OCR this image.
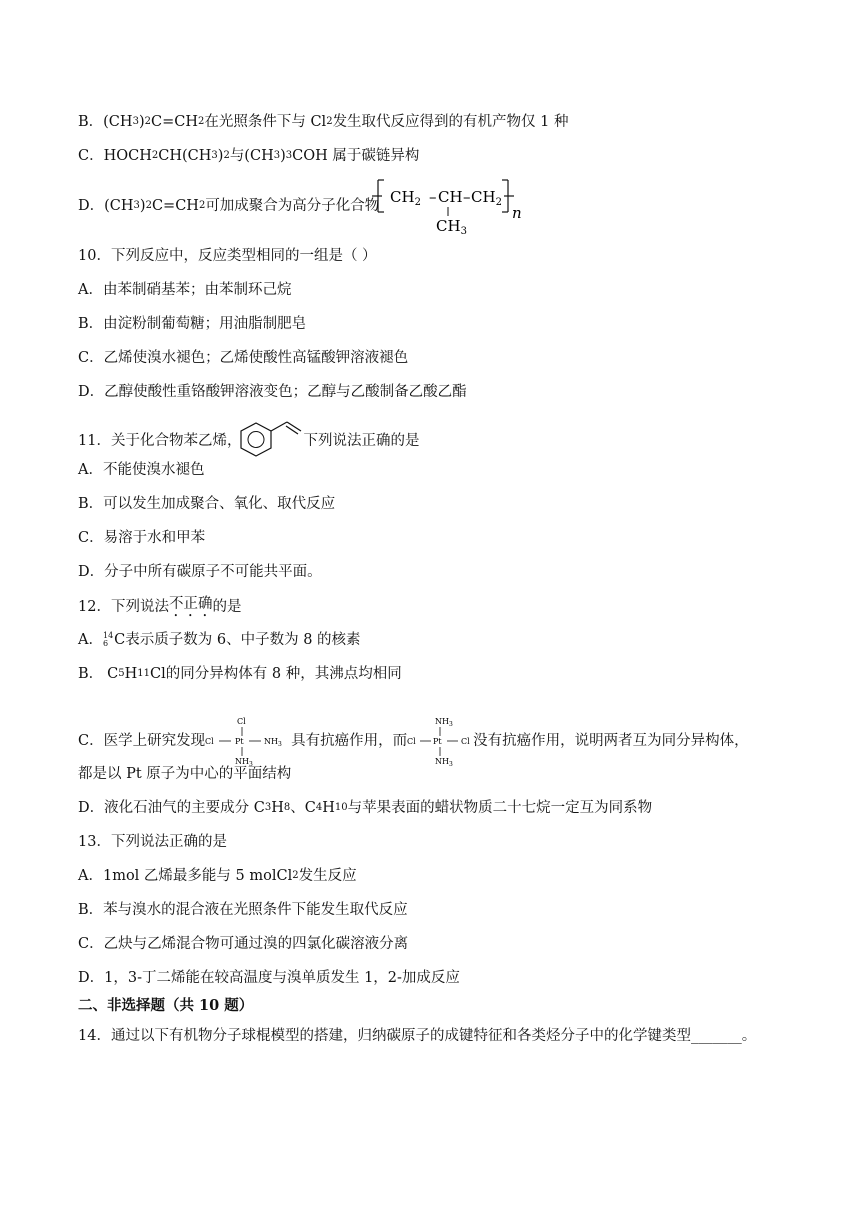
B．(CH 3 ) 2 C=CH 2 在光照条件下与 Cl 2 发生取代反应得到的有机产物仅 1 种
C．HOCH 2 CH(CH 3 ) 2 与(CH 3 ) 3 COH 属于碳链异构
D．(CH 3 ) 2 C=CH 2 可加成聚合为高分子化合物 $CH_2$ – CH – $CH_2$
$CH_3$
n
10．下列反应中，反应类型相同的一组是（ ）
A．由苯制硝基苯；由苯制环己烷
B．由淀粉制葡萄糖；用油脂制肥皂
C．乙烯使溴水褪色；乙烯使酸性高锰酸钾溶液褪色
D．乙醇使酸性重铬酸钾溶液变色；乙醇与乙酸制备乙酸乙酯
11．关于化合物苯乙烯，	下列说法正确的是
A．不能使溴水褪色
B．可以发生加成聚合、氧化、取代反应
C．易溶于水和甲苯
D．分子中所有碳原子不可能共平面。
12．下列说法 不正确 的是
A． 14
6 C表示质子数为 6、中子数为 8 的核素
B． C 5 H 11 Cl 的同分异构体有 8 种，其沸点均相同
C．医学上研究发现
Cl
Cl	Pt	$NH_3$
$NH_3$
具有抗癌作用，而
$NH_3$
Cl Pt Cl
$NH_3$
没有抗癌作用，说明两者互为同分异构体，
都是以 Pt 原子为中心的平面结构
D．液化石油气的主要成分 C 3 H 8 、C 4 H 10 与苹果表面的蜡状物质二十七烷一定互为同系物
13．下列说法正确的是
A．1mol 乙烯最多能与 5 molCl 2 发生反应
B．苯与溴水的混合液在光照条件下能发生取代反应
C．乙炔与乙烯混合物可通过溴的四氯化碳溶液分离
D．1，3-丁二烯能在较高温度与溴单质发生 1，2-加成反应
二、非选择题（共 10 题）
14．通过以下有机物分子球棍模型的搭建，归纳碳原子的成键特征和各类烃分子中的化学键类型_______。
